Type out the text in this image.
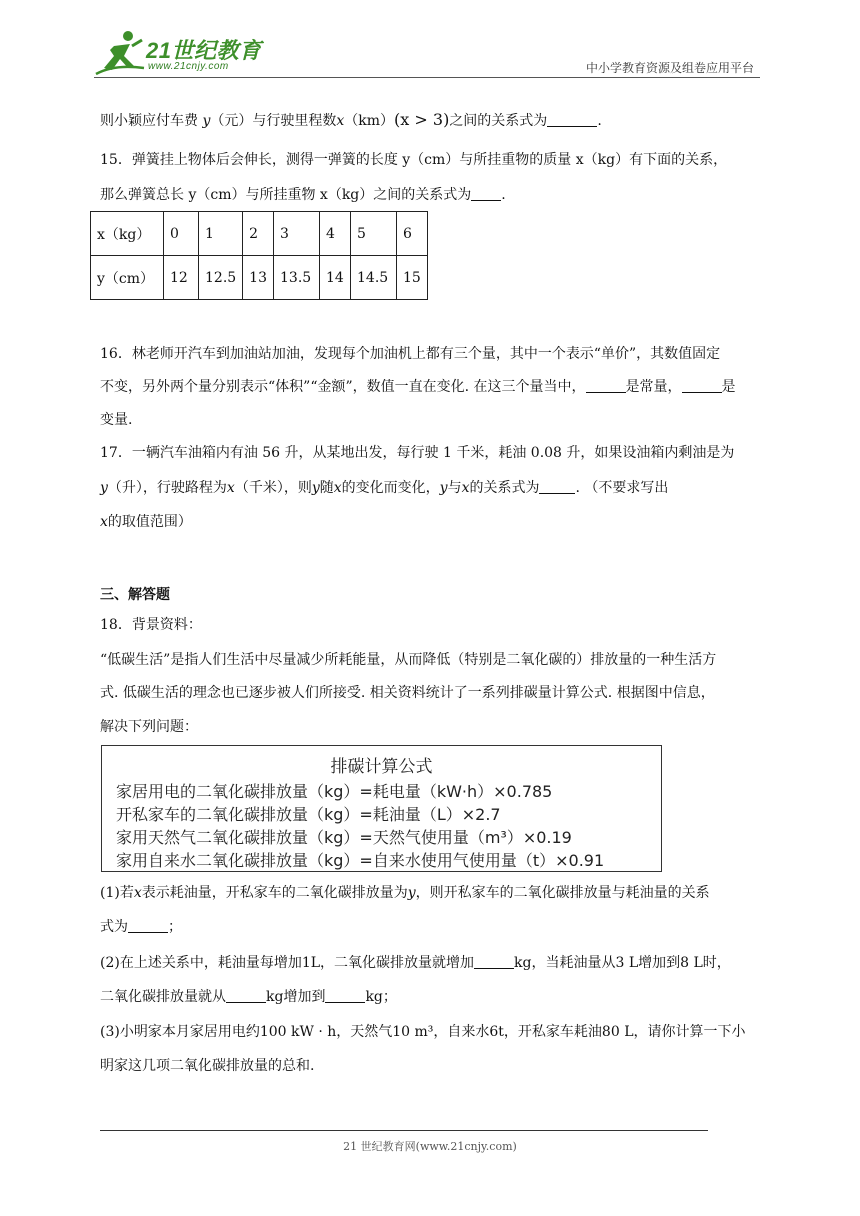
21世纪教育
www.21cnjy.com	中小学教育资源及组卷应用平台
则小颖应付车费 y（元）与行驶里程数x（km）(x > 3)之间的关系式为	.
15．弹簧挂上物体后会伸长，测得一弹簧的长度 y（cm）与所挂重物的质量 x（kg）有下面的关系，
那么弹簧总长 y（cm）与所挂重物 x（kg）之间的关系式为 .
x（kg）	0	1	2	3	4	5	6
y（cm）	12	12.5	13	13.5	14	14.5	15
16．林老师开汽车到加油站加油，发现每个加油机上都有三个量，其中一个表示“单价”，其数值固定
不变，另外两个量分别表示“体积”“金额”，数值一直在变化. 在这三个量当中，	是常量，	是
变量.
17．一辆汽车油箱内有油 56 升，从某地出发，每行驶 1 千米，耗油 0.08 升，如果设油箱内剩油是为
y（升），行驶路程为x（千米），则y随x的变化而变化，y与x的关系式为	. （不要求写出
x的取值范围）
三、解答题
18．背景资料：
“低碳生活”是指人们生活中尽量减少所耗能量，从而降低（特别是二氧化碳的）排放量的一种生活方
式. 低碳生活的理念也已逐步被人们所接受. 相关资料统计了一系列排碳量计算公式. 根据图中信息，
解决下列问题：
排碳计算公式
家居用电的二氧化碳排放量（kg）=耗电量（kW·h）×0.785
开私家车的二氧化碳排放量（kg）=耗油量（L）×2.7
家用天然气二氧化碳排放量（kg）=天然气使用量（m³）×0.19
家用自来水二氧化碳排放量（kg）=自来水使用气使用量（t）×0.91
(1)若x表示耗油量，开私家车的二氧化碳排放量为y，则开私家车的二氧化碳排放量与耗油量的关系
式为	；
(2)在上述关系中，耗油量每增加1L，二氧化碳排放量就增加	kg，当耗油量从3 L增加到8 L时，
二氧化碳排放量就从	kg增加到	kg；
(3)小明家本月家居用电约100 kW · h，天然气10 m³，自来水6t，开私家车耗油80 L，请你计算一下小
明家这几项二氧化碳排放量的总和.
21 世纪教育网(www.21cnjy.com)
